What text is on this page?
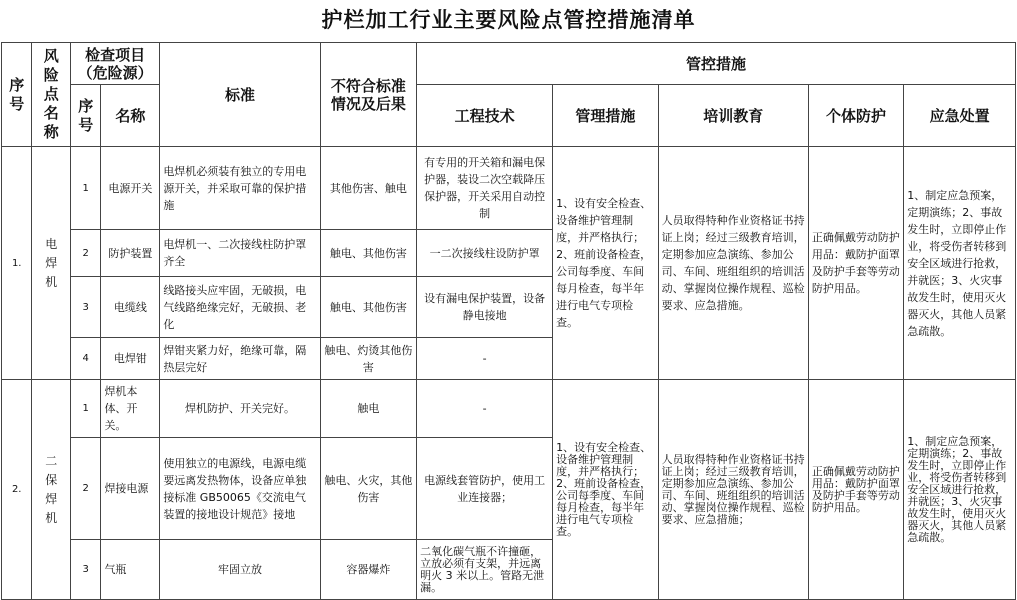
护栏加工行业主要风险点管控措施清单
序号	风险点名称	检查项目（危险源）		标准	不符合标准情况及后果	管控措施				
		序号	名称			工程技术	管理措施	培训教育	个体防护	应急处置
1.	电焊机	1	电源开关	电焊机必须装有独立的专用电源开关，并采取可靠的保护措施	其他伤害、触电	有专用的开关箱和漏电保护器，装设二次空载降压保护器，开关采用自动控制	1、设有安全检查、设备维护管理制度，并严格执行；2、班前设备检查，公司每季度、车间每月检查，每半年进行电气专项检查。	人员取得特种作业资格证书持证上岗；经过三级教育培训，定期参加应急演练、参加公司、车间、班组组织的培训活动、掌握岗位操作规程、巡检要求、应急措施。	正确佩戴劳动防护用品：戴防护面罩及防护手套等劳动防护用品。	1、制定应急预案，定期演练；2、事故发生时，立即停止作业，将受伤者转移到安全区域进行抢救，并就医；3、火灾事故发生时，使用灭火器灭火，其他人员紧急疏散。
		2	防护装置	电焊机一、二次接线柱防护罩齐全	触电、其他伤害	一二次接线柱设防护罩				
		3	电缆线	线路接头应牢固，无破损，电气线路绝缘完好，无破损、老化	触电、其他伤害	设有漏电保护装置，设备静电接地				
		4	电焊钳	焊钳夹紧力好，绝缘可靠，隔热层完好	触电、灼烫其他伤害	-				
2.	二保焊机	1	焊机本体、开关。	焊机防护、开关完好。	触电	-	1、设有安全检查、设备维护管理制度，并严格执行；2、班前设备检查，公司每季度、车间每月检查，每半年进行电气专项检查。	人员取得特种作业资格证书持证上岗；经过三级教育培训，定期参加应急演练、参加公司、车间、班组组织的培训活动、掌握岗位操作规程、巡检要求、应急措施；	正确佩戴劳动防护用品：戴防护面罩及防护手套等劳动防护用品。	1、制定应急预案，定期演练；2、事故发生时，立即停止作业，将受伤者转移到安全区域进行抢救，并就医；3、火灾事故发生时，使用灭火器灭火，其他人员紧急疏散。
		2	焊接电源	使用独立的电源线，电源电缆要远离发热物体，设备应单独接标准 GB50065《交流电气装置的接地设计规范》接地	触电、火灾，其他伤害	电源线套管防护，使用工业连接器；				
		3	气瓶	牢固立放	容器爆炸	二氧化碳气瓶不许撞砸，立放必须有支架，并远离明火 3 米以上。管路无泄漏。				
